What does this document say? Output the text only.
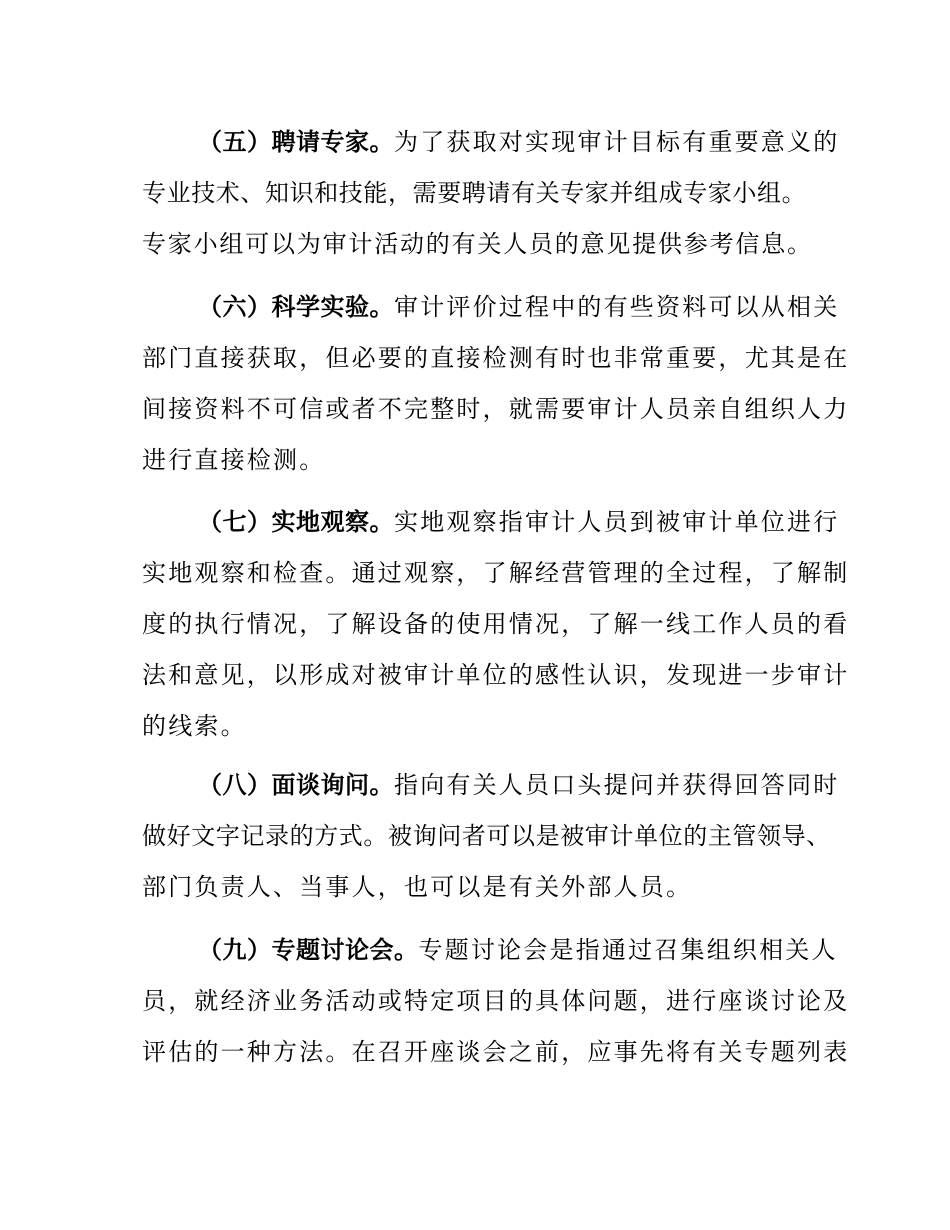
（五）聘请专家。为了获取对实现审计目标有重要意义的
专业技术、知识和技能，需要聘请有关专家并组成专家小组。
专家小组可以为审计活动的有关人员的意见提供参考信息。
（六）科学实验。审计评价过程中的有些资料可以从相关
部门直接获取，但必要的直接检测有时也非常重要，尤其是在
间接资料不可信或者不完整时，就需要审计人员亲自组织人力
进行直接检测。
（七）实地观察。实地观察指审计人员到被审计单位进行
实地观察和检查。通过观察，了解经营管理的全过程，了解制
度的执行情况，了解设备的使用情况，了解一线工作人员的看
法和意见，以形成对被审计单位的感性认识，发现进一步审计
的线索。
（八）面谈询问。指向有关人员口头提问并获得回答同时
做好文字记录的方式。被询问者可以是被审计单位的主管领导、
部门负责人、当事人，也可以是有关外部人员。
（九）专题讨论会。专题讨论会是指通过召集组织相关人
员，就经济业务活动或特定项目的具体问题，进行座谈讨论及
评估的一种方法。在召开座谈会之前，应事先将有关专题列表
